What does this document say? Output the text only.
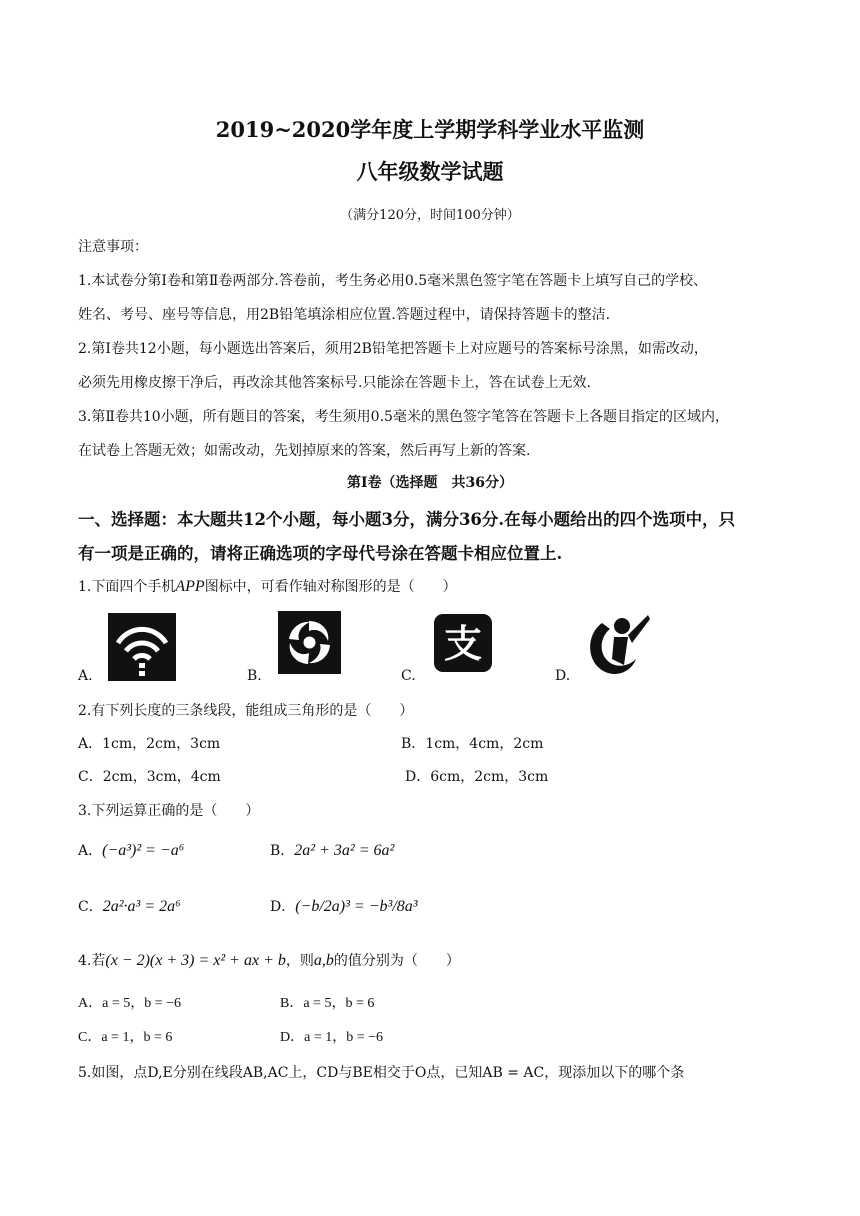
2019~2020学年度上学期学科学业水平监测
八年级数学试题
（满分120分，时间100分钟）
注意事项：
1.本试卷分第Ⅰ卷和第Ⅱ卷两部分.答卷前，考生务必用0.5毫米黑色签字笔在答题卡上填写自己的学校、
姓名、考号、座号等信息，用2B铅笔填涂相应位置.答题过程中，请保持答题卡的整洁.
2.第Ⅰ卷共12小题，每小题选出答案后，须用2B铅笔把答题卡上对应题号的答案标号涂黑，如需改动，
必须先用橡皮擦干净后，再改涂其他答案标号.只能涂在答题卡上，答在试卷上无效.
3.第Ⅱ卷共10小题，所有题目的答案，考生须用0.5毫米的黑色签字笔答在答题卡上各题目指定的区域内，
在试卷上答题无效；如需改动，先划掉原来的答案，然后再写上新的答案.
第Ⅰ卷（选择题　共36分）
一、选择题：本大题共12个小题，每小题3分，满分36分.在每小题给出的四个选项中，只
有一项是正确的，请将正确选项的字母代号涂在答题卡相应位置上.
1.下面四个手机APP图标中，可看作轴对称图形的是（　　）
A.	B.	C.
支
D.
2.有下列长度的三条线段，能组成三角形的是（　　）
A．1cm，2cm，3cm	B．1cm，4cm，2cm
C．2cm，3cm，4cm	D．6cm，2cm，3cm
3.下列运算正确的是（　　）
A．(−a³)² = −a⁶	B．2a² + 3a² = 6a²
C．2a²·a³ = 2a⁶	D．(−b/2a)³ = −b³/8a³
4.若(x − 2)(x + 3) = x² + ax + b，则a,b的值分别为（　　）
A．a = 5，b = −6	B．a = 5，b = 6
C．a = 1，b = 6	D．a = 1，b = −6
5.如图，点D,E分别在线段AB,AC上，CD与BE相交于O点，已知AB = AC，现添加以下的哪个条
